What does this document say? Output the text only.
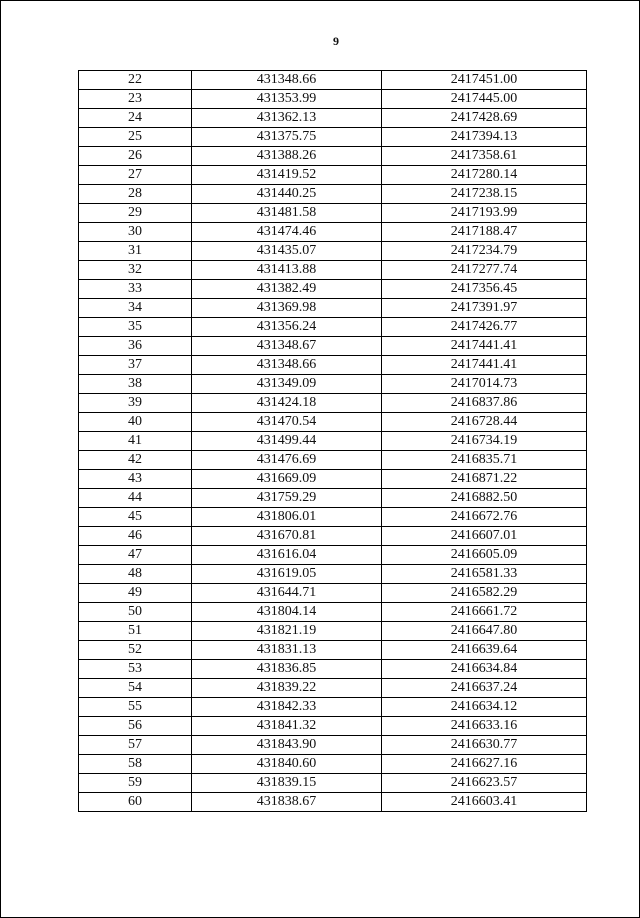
9
22	431348.66	2417451.00
23	431353.99	2417445.00
24	431362.13	2417428.69
25	431375.75	2417394.13
26	431388.26	2417358.61
27	431419.52	2417280.14
28	431440.25	2417238.15
29	431481.58	2417193.99
30	431474.46	2417188.47
31	431435.07	2417234.79
32	431413.88	2417277.74
33	431382.49	2417356.45
34	431369.98	2417391.97
35	431356.24	2417426.77
36	431348.67	2417441.41
37	431348.66	2417441.41
38	431349.09	2417014.73
39	431424.18	2416837.86
40	431470.54	2416728.44
41	431499.44	2416734.19
42	431476.69	2416835.71
43	431669.09	2416871.22
44	431759.29	2416882.50
45	431806.01	2416672.76
46	431670.81	2416607.01
47	431616.04	2416605.09
48	431619.05	2416581.33
49	431644.71	2416582.29
50	431804.14	2416661.72
51	431821.19	2416647.80
52	431831.13	2416639.64
53	431836.85	2416634.84
54	431839.22	2416637.24
55	431842.33	2416634.12
56	431841.32	2416633.16
57	431843.90	2416630.77
58	431840.60	2416627.16
59	431839.15	2416623.57
60	431838.67	2416603.41
